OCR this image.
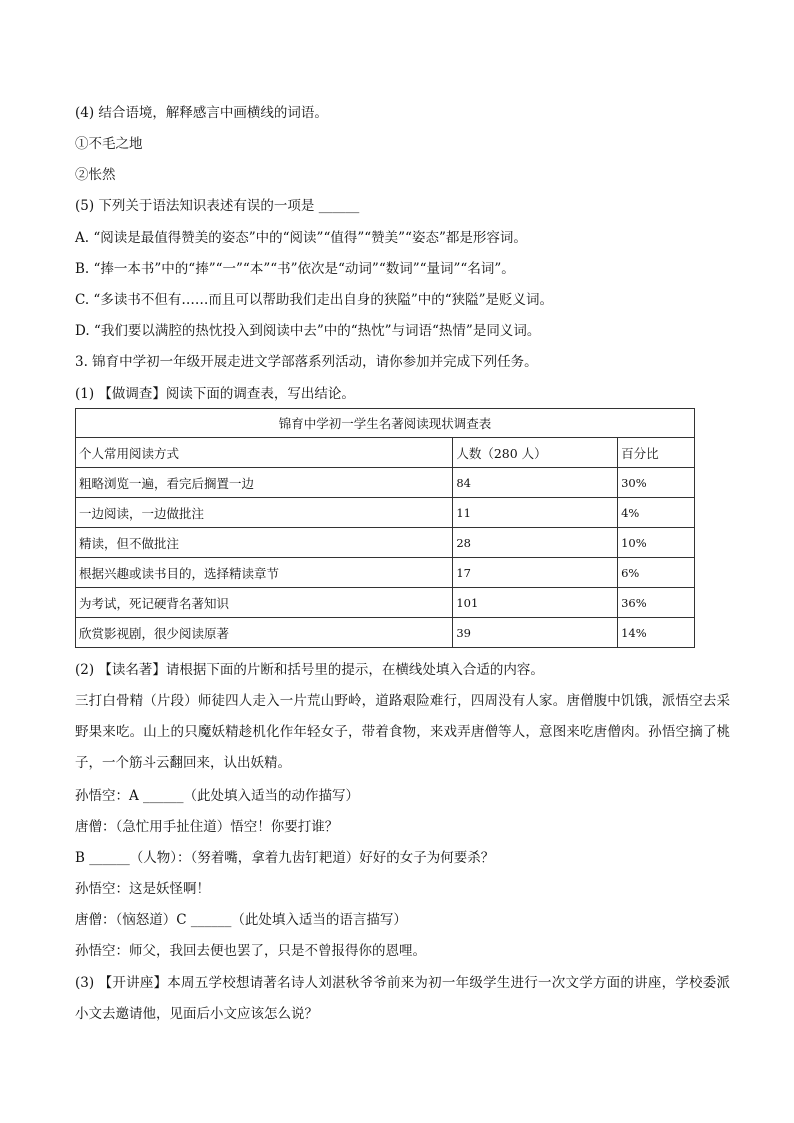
(4) 结合语境，解释感言中画横线的词语。
①不毛之地
②怅然
(5) 下列关于语法知识表述有误的一项是 ______
A. “阅读是最值得赞美的姿态”中的“阅读”“值得”“赞美”“姿态”都是形容词。
B. “捧一本书”中的“捧”“一”“本”“书”依次是“动词”“数词”“量词”“名词”。
C. “多读书不但有……而且可以帮助我们走出自身的狭隘”中的“狭隘”是贬义词。
D. “我们要以满腔的热忱投入到阅读中去”中的“热忱”与词语“热情”是同义词。
3. 锦育中学初一年级开展走进文学部落系列活动，请你参加并完成下列任务。
(1) 【做调查】阅读下面的调查表，写出结论。
锦育中学初一学生名著阅读现状调查表		
个人常用阅读方式	人数（280 人）	百分比
粗略浏览一遍，看完后搁置一边	84	30%
一边阅读，一边做批注	11	4%
精读，但不做批注	28	10%
根据兴趣或读书目的，选择精读章节	17	6%
为考试，死记硬背名著知识	101	36%
欣赏影视剧，很少阅读原著	39	14%
(2) 【读名著】请根据下面的片断和括号里的提示，在横线处填入合适的内容。
三打白骨精（片段）师徒四人走入一片荒山野岭，道路艰险难行，四周没有人家。唐僧腹中饥饿，派悟空去采野果来吃。山上的只魔妖精趁机化作年轻女子，带着食物，来戏弄唐僧等人，意图来吃唐僧肉。孙悟空摘了桃子，一个筋斗云翻回来，认出妖精。
孙悟空：A ______（此处填入适当的动作描写）
唐僧：（急忙用手扯住道）悟空！你要打谁？
B ______（人物）：（努着嘴，拿着九齿钉耙道）好好的女子为何要杀？
孙悟空：这是妖怪啊！
唐僧：（恼怒道）C ______（此处填入适当的语言描写）
孙悟空：师父，我回去便也罢了，只是不曾报得你的恩哩。
(3) 【开讲座】本周五学校想请著名诗人刘湛秋爷爷前来为初一年级学生进行一次文学方面的讲座，学校委派小文去邀请他，见面后小文应该怎么说？
